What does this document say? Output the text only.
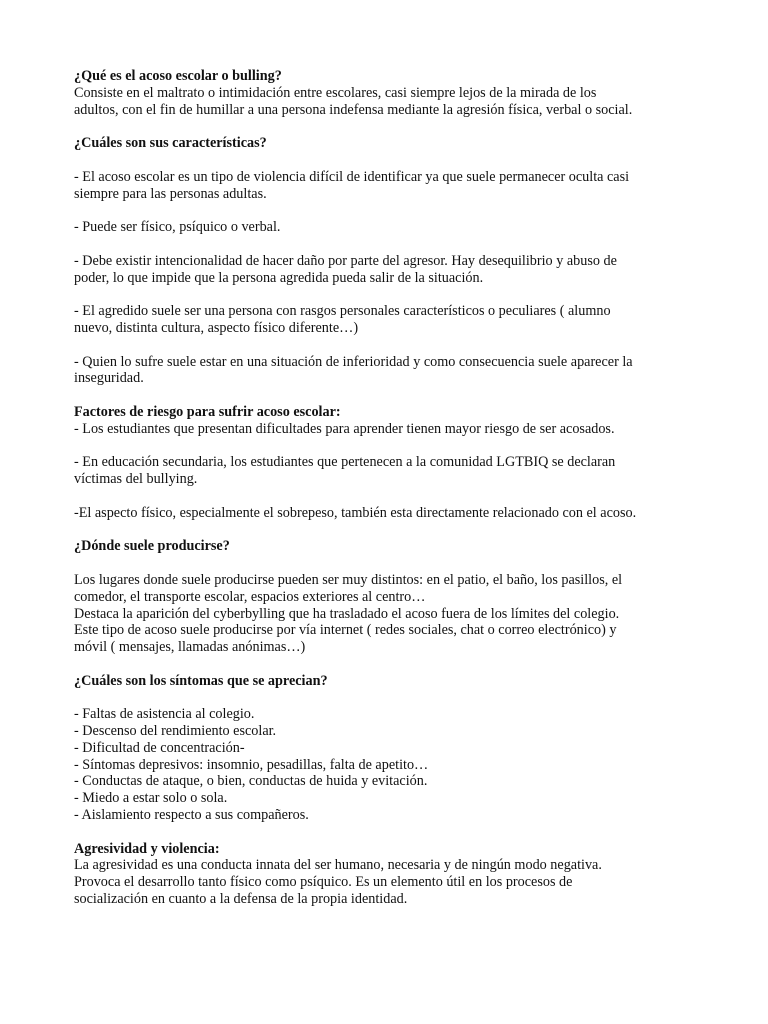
¿Qué es el acoso escolar o bulling?
Consiste en el maltrato o intimidación entre escolares, casi siempre lejos de la mirada de los
adultos, con el fin de humillar a una persona indefensa mediante la agresión física, verbal o social.
¿Cuáles son sus características?
- El acoso escolar es un tipo de violencia difícil de identificar ya que suele permanecer oculta casi
siempre para las personas adultas.
- Puede ser físico, psíquico o verbal.
- Debe existir intencionalidad de hacer daño por parte del agresor. Hay desequilibrio y abuso de
poder, lo que impide que la persona agredida pueda salir de la situación.
- El agredido suele ser una persona con rasgos personales característicos o peculiares ( alumno
nuevo, distinta cultura, aspecto físico diferente…)
- Quien lo sufre suele estar en una situación de inferioridad y como consecuencia suele aparecer la
inseguridad.
Factores de riesgo para sufrir acoso escolar:
- Los estudiantes que presentan dificultades para aprender tienen mayor riesgo de ser acosados.
- En educación secundaria, los estudiantes que pertenecen a la comunidad LGTBIQ se declaran
víctimas del bullying.
-El aspecto físico, especialmente el sobrepeso, también esta directamente relacionado con el acoso.
¿Dónde suele producirse?
Los lugares donde suele producirse pueden ser muy distintos: en el patio, el baño, los pasillos, el
comedor, el transporte escolar, espacios exteriores al centro…
Destaca la aparición del cyberbylling que ha trasladado el acoso fuera de los límites del colegio.
Este tipo de acoso suele producirse por vía internet ( redes sociales, chat o correo electrónico) y
móvil ( mensajes, llamadas anónimas…)
¿Cuáles son los síntomas que se aprecian?
- Faltas de asistencia al colegio.
- Descenso del rendimiento escolar.
- Dificultad de concentración-
- Síntomas depresivos: insomnio, pesadillas, falta de apetito…
- Conductas de ataque, o bien, conductas de huida y evitación.
- Miedo a estar solo o sola.
- Aislamiento respecto a sus compañeros.
Agresividad y violencia:
La agresividad es una conducta innata del ser humano, necesaria y de ningún modo negativa.
Provoca el desarrollo tanto físico como psíquico. Es un elemento útil en los procesos de
socialización en cuanto a la defensa de la propia identidad.
